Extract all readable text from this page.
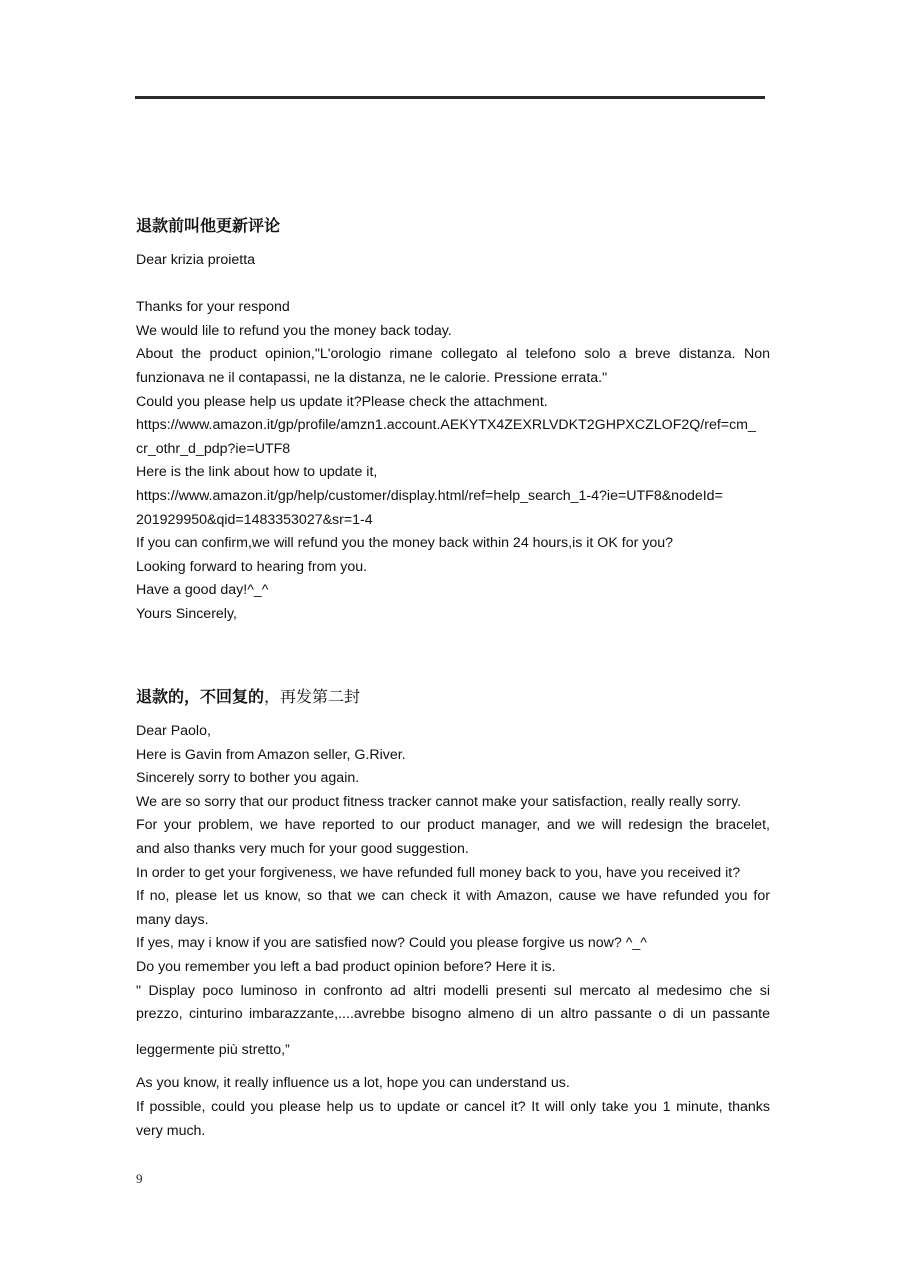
退款前叫他更新评论

Dear krizia proietta

Thanks for your respond

We would lile to refund you the money back today.

About the product opinion,"L'orologio rimane collegato al telefono solo a breve distanza. Non

funzionava ne il contapassi, ne la distanza, ne le calorie. Pressione errata."

Could you please help us update it?Please check the attachment.

https://www.amazon.it/gp/profile/amzn1.account.AEKYTX4ZEXRLVDKT2GHPXCZLOF2Q/ref=cm_

cr_othr_d_pdp?ie=UTF8

Here is the link about how to update it,

https://www.amazon.it/gp/help/customer/display.html/ref=help_search_1-4?ie=UTF8&nodeId=

201929950&qid=1483353027&sr=1-4

If you can confirm,we will refund you the money back within 24 hours,is it OK for you?

Looking forward to hearing from you.

Have a good day!^_^

Yours Sincerely,

退款的，不回复的，再发第二封

Dear Paolo,

Here is Gavin from Amazon seller, G.River.

Sincerely sorry to bother you again.

We are so sorry that our product fitness tracker cannot make your satisfaction, really really sorry.

For your problem, we have reported to our product manager, and we will redesign the bracelet,

and also thanks very much for your good suggestion.

In order to get your forgiveness, we have refunded full money back to you, have you received it?

If no, please let us know, so that we can check it with Amazon, cause we have refunded you for

many days.

If yes, may i know if you are satisfied now? Could you please forgive us now? ^_^

Do you remember you left a bad product opinion before? Here it is.

" Display poco luminoso in confronto ad altri modelli presenti sul mercato al medesimo che si

prezzo, cinturino imbarazzante,....avrebbe bisogno almeno di un altro passante o di un passante

leggermente più stretto,”

As you know, it really influence us a lot, hope you can understand us.

If possible, could you please help us to update or cancel it? It will only take you 1 minute, thanks

very much.

9
